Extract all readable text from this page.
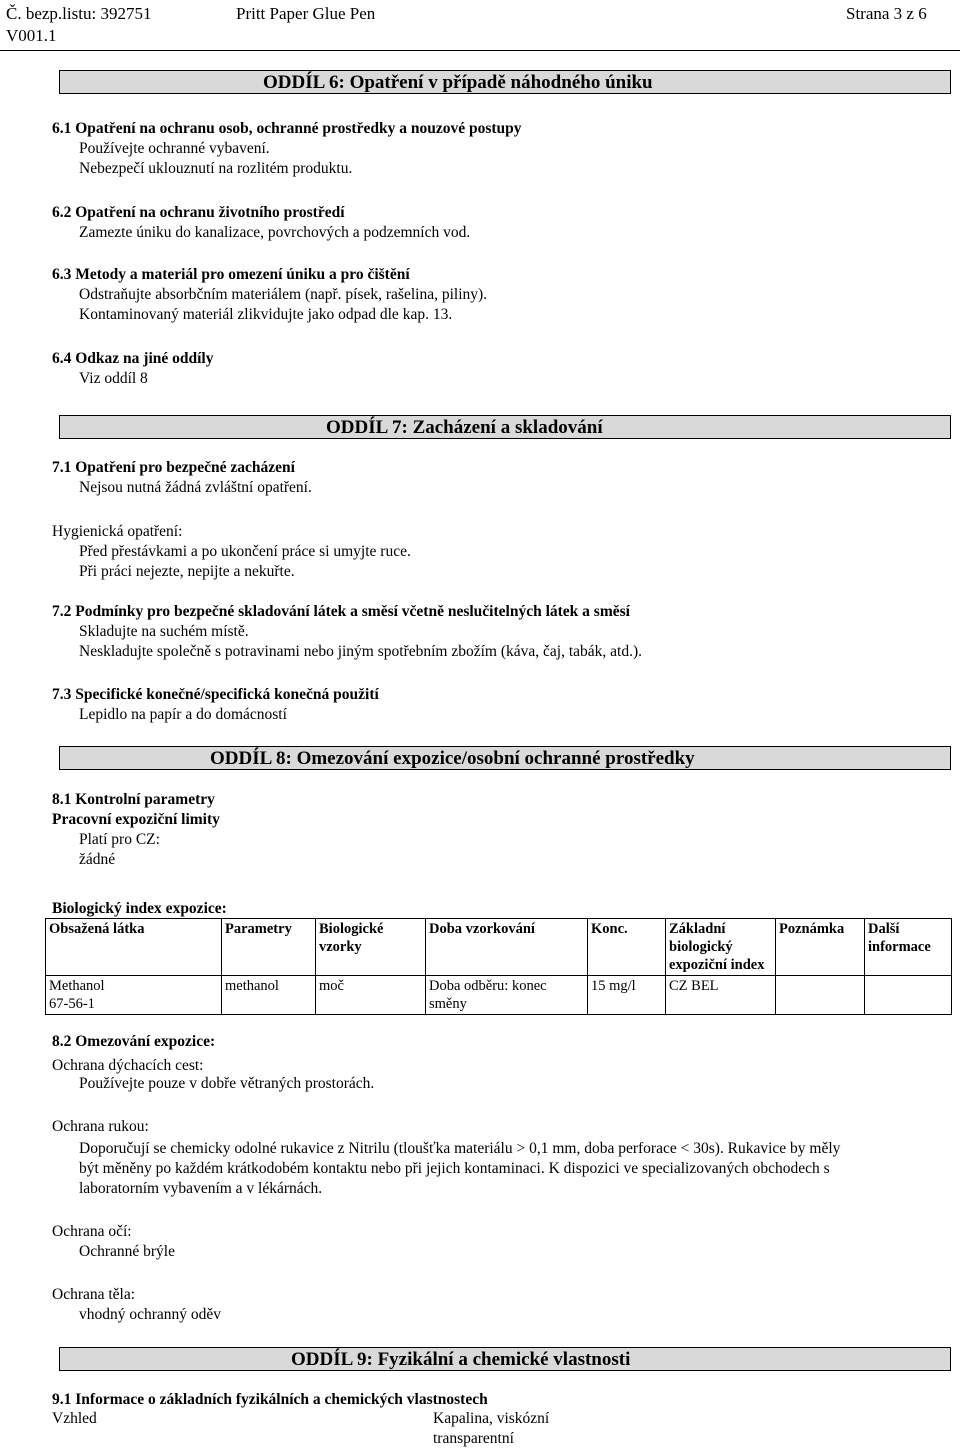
Č. bezp.listu: 392751	Pritt Paper Glue Pen	Strana 3 z 6
V001.1
ODDÍL 6: Opatření v případě náhodného úniku
6.1 Opatření na ochranu osob, ochranné prostředky a nouzové postupy
Používejte ochranné vybavení.
Nebezpečí uklouznutí na rozlitém produktu.
6.2 Opatření na ochranu životního prostředí
Zamezte úniku do kanalizace, povrchových a podzemních vod.
6.3 Metody a materiál pro omezení úniku a pro čištění
Odstraňujte absorbčním materiálem (např. písek, rašelina, piliny).
Kontaminovaný materiál zlikvidujte jako odpad dle kap. 13.
6.4 Odkaz na jiné oddíly
Viz oddíl 8
ODDÍL 7: Zacházení a skladování
7.1 Opatření pro bezpečné zacházení
Nejsou nutná žádná zvláštní opatření.
Hygienická opatření:
Před přestávkami a po ukončení práce si umyjte ruce.
Při práci nejezte, nepijte a nekuřte.
7.2 Podmínky pro bezpečné skladování látek a směsí včetně neslučitelných látek a směsí
Skladujte na suchém místě.
Neskladujte společně s potravinami nebo jiným spotřebním zbožím (káva, čaj, tabák, atd.).
7.3 Specifické konečné/specifická konečná použití
Lepidlo na papír a do domácností
ODDÍL 8: Omezování expozice/osobní ochranné prostředky
8.1 Kontrolní parametry
Pracovní expoziční limity
Platí pro CZ:
žádné
Biologický index expozice:
Obsažená látka	Parametry	Biologické vzorky	Doba vzorkování	Konc.	Základní biologický expoziční index	Poznámka	Další informace

Methanol
67-56-1	methanol	moč	Doba odběru: konec směny	15 mg/l	CZ BEL		
8.2 Omezování expozice:
Ochrana dýchacích cest:
Používejte pouze v dobře větraných prostorách.
Ochrana rukou:
Doporučují se chemicky odolné rukavice z Nitrilu (tloušťka materiálu > 0,1 mm, doba perforace < 30s). Rukavice by měly
být měněny po každém krátkodobém kontaktu nebo při jejich kontaminaci. K dispozici ve specializovaných obchodech s
laboratorním vybavením a v lékárnách.
Ochrana očí:
Ochranné brýle
Ochrana těla:
vhodný ochranný oděv
ODDÍL 9: Fyzikální a chemické vlastnosti
9.1 Informace o základních fyzikálních a chemických vlastnostech
Vzhled	Kapalina, viskózní
transparentní
